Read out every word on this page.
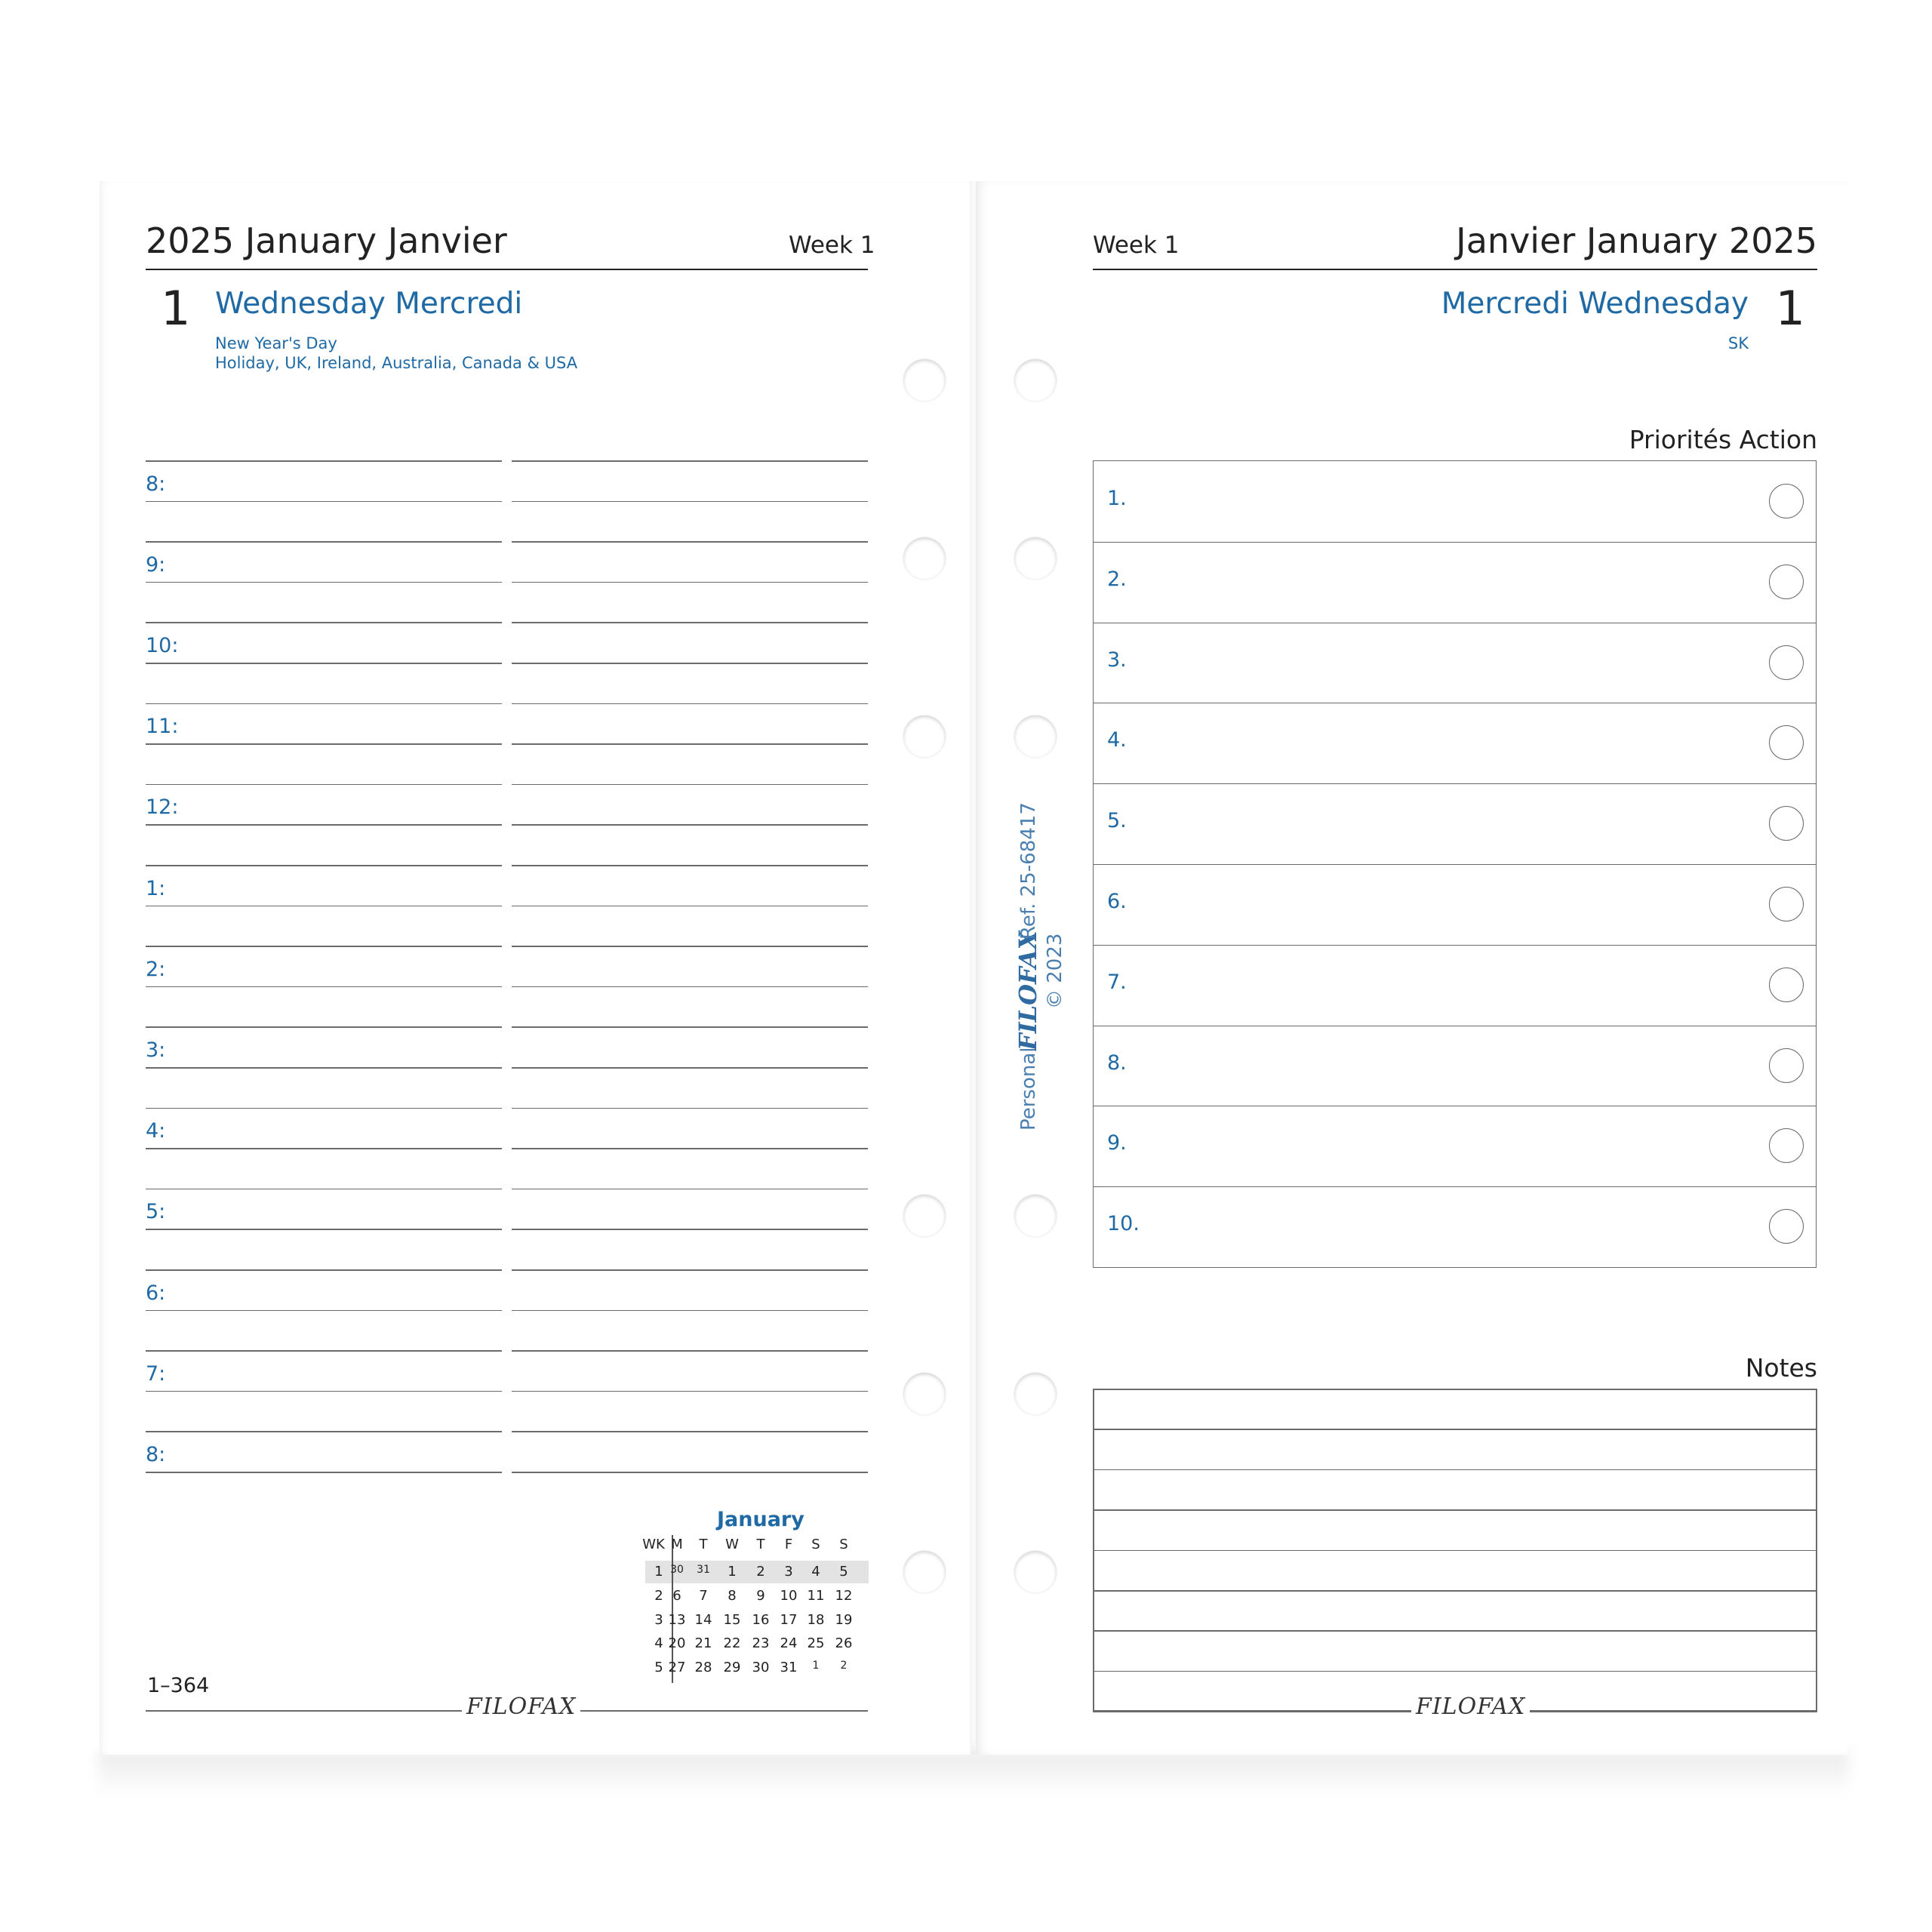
2025 January Janvier	Week 1
1 Wednesday Mercredi
New Year's Day
Holiday, UK, Ireland, Australia, Canada & USA
8:
9:
10:
11:
12:
1:
2:
3:
4:
5:
6:
7:
8:
1–364
FILOFAX
January
WK M	T	W	T	F	S	S
1 30	31	1	2	3	4	5
2 6	7	8	9	10 11 12
3 13 14 15 16 17 18 19
4 20 21 22 23 24 25 26
5 27 28 29 30 31	1	2
Week 1	Janvier January 2025
Mercredi Wednesday 1
SK
Priorités Action
1.
2.
3.
4.
5.
6.
7.
8.
9.
10.
Notes
FILOFAX
Personal
FILOFAX
Ref. 25-68417
© 2023
